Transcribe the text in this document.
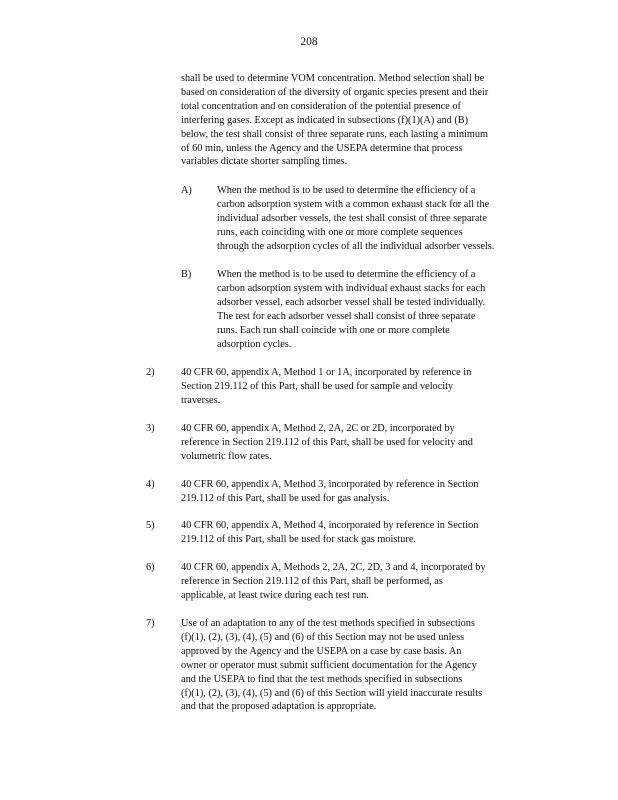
208
shall be used to determine VOM concentration. Method selection shall be
based on consideration of the diversity of organic species present and their
total concentration and on consideration of the potential presence of
interfering gases. Except as indicated in subsections (f)(1)(A) and (B)
below, the test shall consist of three separate runs, each lasting a minimum
of 60 min, unless the Agency and the USEPA determine that process
variables dictate shorter sampling times.
A) When the method is to be used to determine the efficiency of a
carbon adsorption system with a common exhaust stack for all the
individual adsorber vessels, the test shall consist of three separate
runs, each coinciding with one or more complete sequences
through the adsorption cycles of all the individual adsorber vessels.
B) When the method is to be used to determine the efficiency of a
carbon adsorption system with individual exhaust stacks for each
adsorber vessel, each adsorber vessel shall be tested individually.
The test for each adsorber vessel shall consist of three separate
runs. Each run shall coincide with one or more complete
adsorption cycles.
2)	40 CFR 60, appendix A, Method 1 or 1A, incorporated by reference in
Section 219.112 of this Part, shall be used for sample and velocity
traverses.
3)	40 CFR 60, appendix A, Method 2, 2A, 2C or 2D, incorporated by
reference in Section 219.112 of this Part, shall be used for velocity and
volumetric flow rates.
4)	40 CFR 60, appendix A, Method 3, incorporated by reference in Section
219.112 of this Part, shall be used for gas analysis.
5)	40 CFR 60, appendix A, Method 4, incorporated by reference in Section
219.112 of this Part, shall be used for stack gas moisture.
6)	40 CFR 60, appendix A, Methods 2, 2A, 2C, 2D, 3 and 4, incorporated by
reference in Section 219.112 of this Part, shall be performed, as
applicable, at least twice during each test run.
7)	Use of an adaptation to any of the test methods specified in subsections
(f)(1), (2), (3), (4), (5) and (6) of this Section may not be used unless
approved by the Agency and the USEPA on a case by case basis. An
owner or operator must submit sufficient documentation for the Agency
and the USEPA to find that the test methods specified in subsections
(f)(1), (2), (3), (4), (5) and (6) of this Section will yield inaccurate results
and that the proposed adaptation is appropriate.
